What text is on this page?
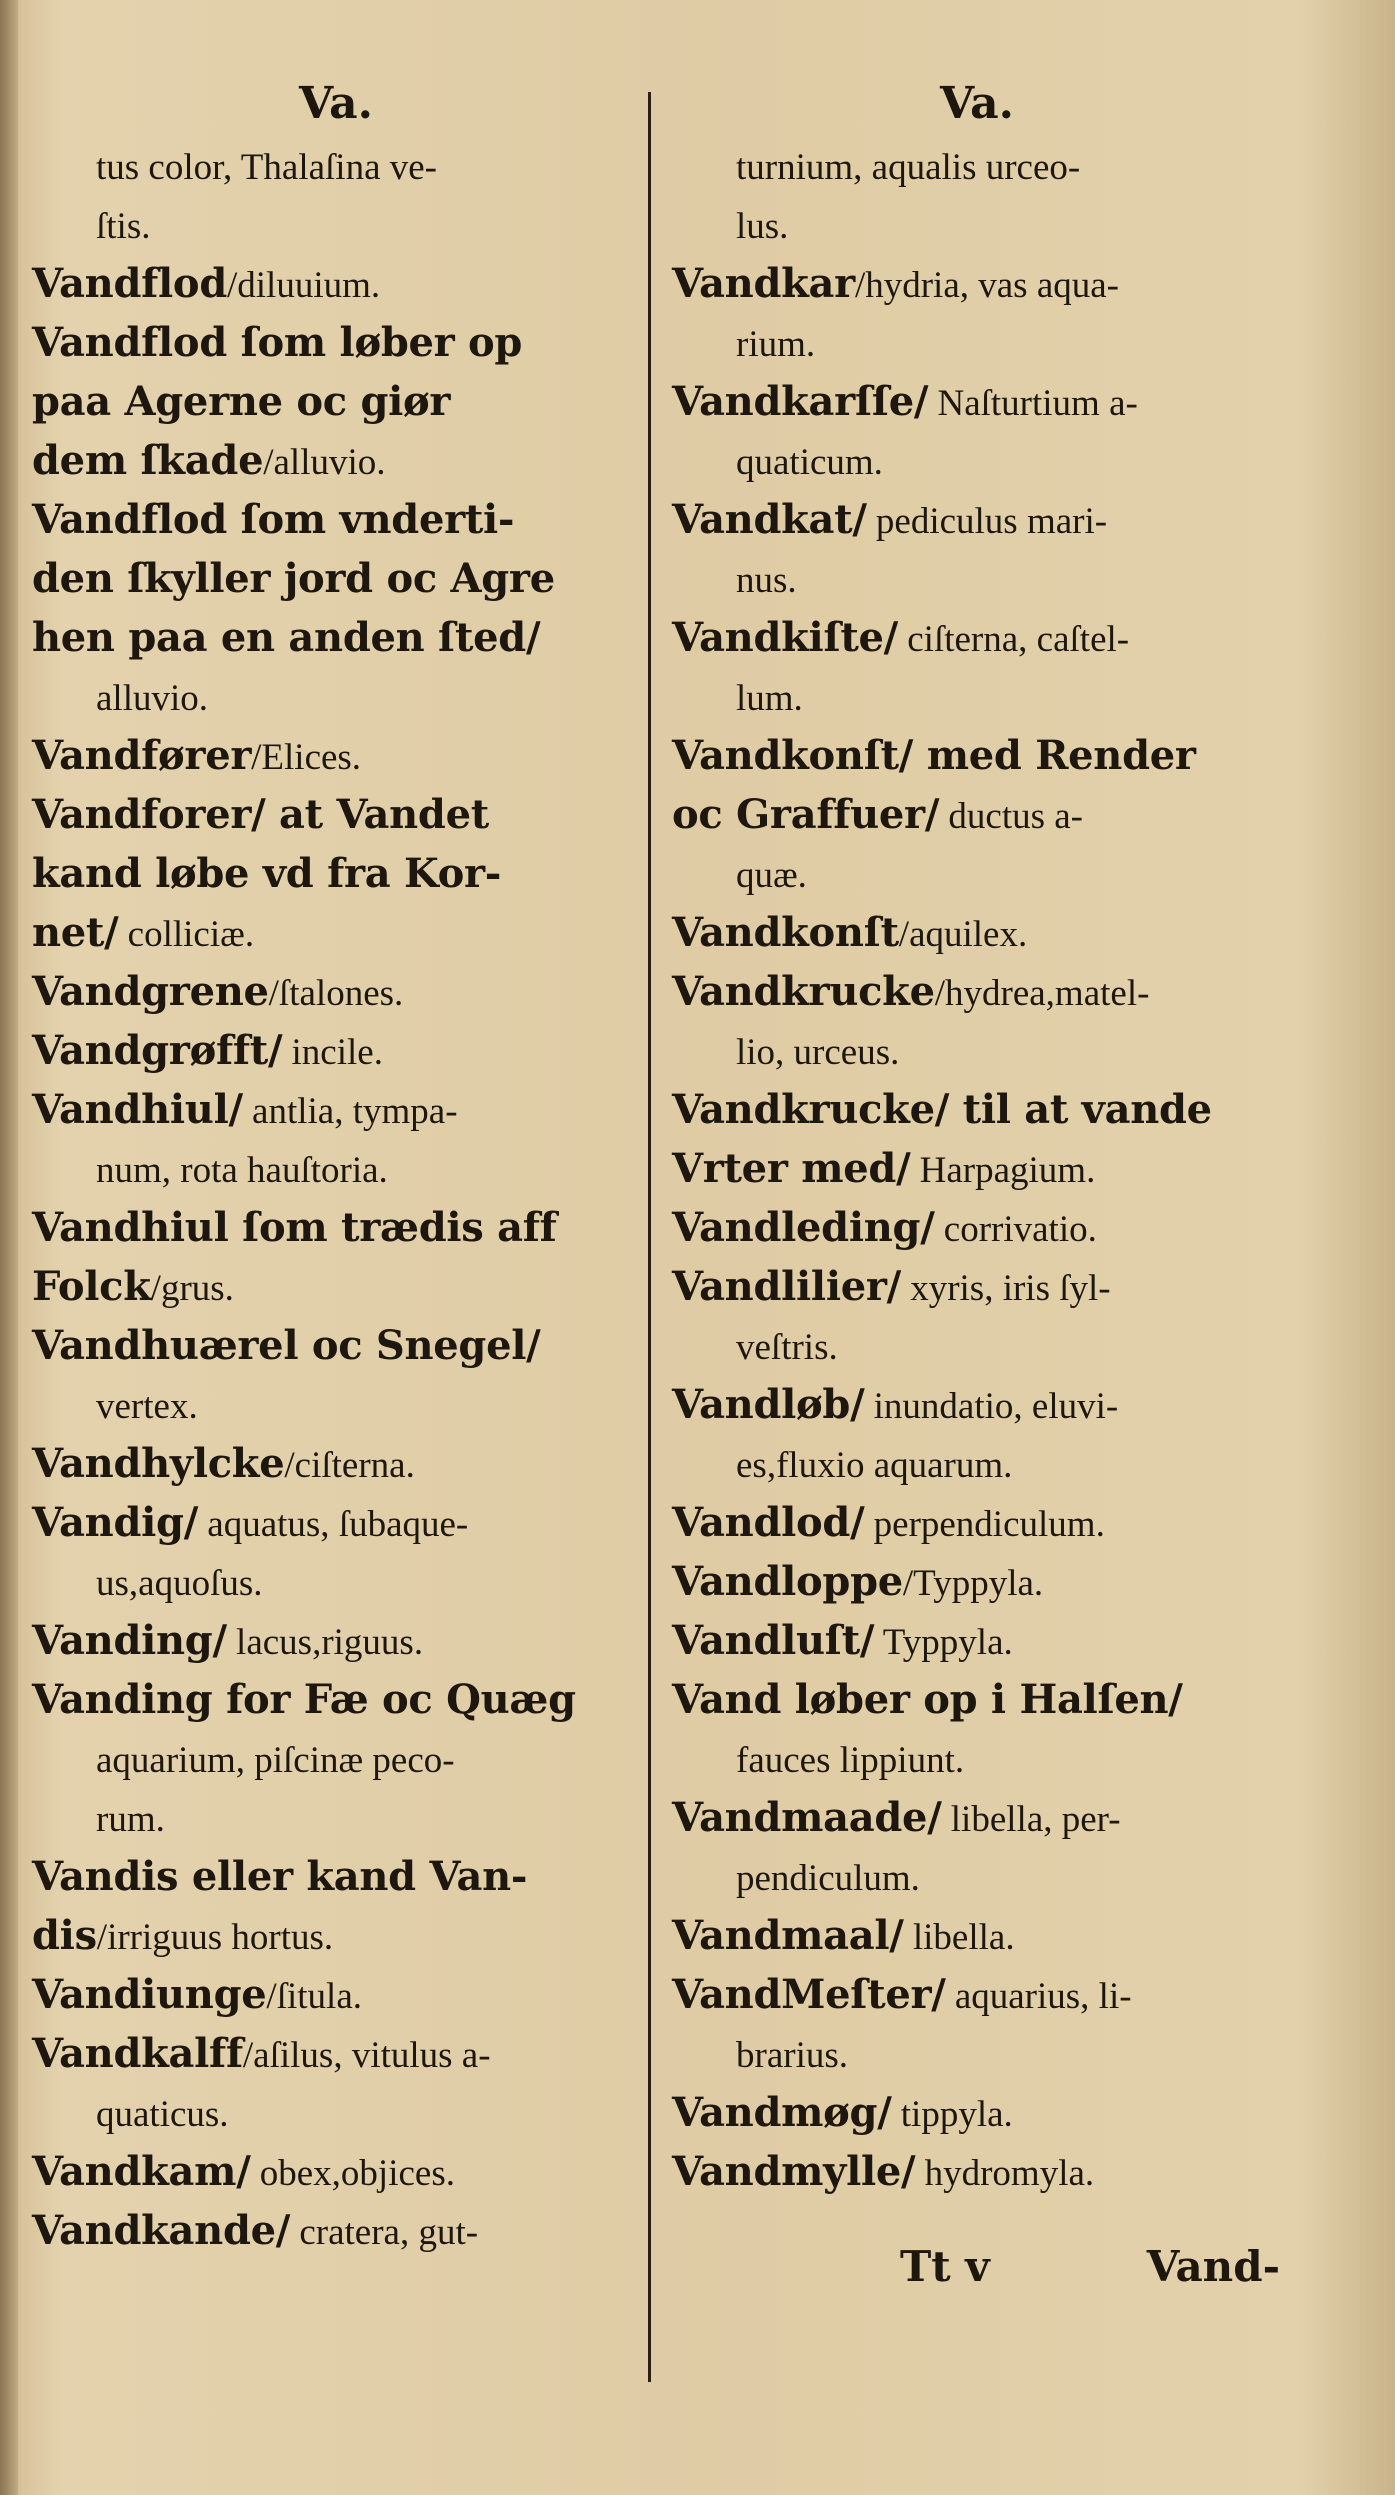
Va.
tus color, Thalaſina ve-
ſtis.
Vandflod/diluuium.
Vandflod ſom løber op
paa Agerne oc giør
dem ſkade/alluvio.
Vandflod ſom vnderti-
den ſkyller jord oc Agre
hen paa en anden ſted/
alluvio.
Vandfører/Elices.
Vandforer/ at Vandet
kand løbe vd fra Kor-
net/ colliciæ.
Vandgrene/ſtalones.
Vandgrøfft/ incile.
Vandhiul/ antlia, tympa-
num, rota hauſtoria.
Vandhiul ſom trædis aff
Folck/grus.
Vandhuærel oc Snegel/
vertex.
Vandhylcke/ciſterna.
Vandig/ aquatus, ſubaque-
us,aquoſus.
Vanding/ lacus,riguus.
Vanding for Fæ oc Quæg
aquarium, piſcinæ peco-
rum.
Vandis eller kand Van-
dis/irriguus hortus.
Vandiunge/ſitula.
Vandkalff/aſilus, vitulus a-
quaticus.
Vandkam/ obex,objices.
Vandkande/ cratera, gut-
Va.
turnium, aqualis urceo-
lus.
Vandkar/hydria, vas aqua-
rium.
Vandkarſſe/ Naſturtium a-
quaticum.
Vandkat/ pediculus mari-
nus.
Vandkiſte/ ciſterna, caſtel-
lum.
Vandkonſt/ med Render
oc Graffuer/ ductus a-
quæ.
Vandkonſt/aquilex.
Vandkrucke/hydrea,matel-
lio, urceus.
Vandkrucke/ til at vande
Vrter med/ Harpagium.
Vandleding/ corrivatio.
Vandlilier/ xyris, iris ſyl-
veſtris.
Vandløb/ inundatio, eluvi-
es,fluxio aquarum.
Vandlod/ perpendiculum.
Vandloppe/Typpyla.
Vandluſt/ Typpyla.
Vand løber op i Halſen/
fauces lippiunt.
Vandmaade/ libella, per-
pendiculum.
Vandmaal/ libella.
VandMeſter/ aquarius, li-
brarius.
Vandmøg/ tippyla.
Vandmylle/ hydromyla.
Tt v	Vand-
